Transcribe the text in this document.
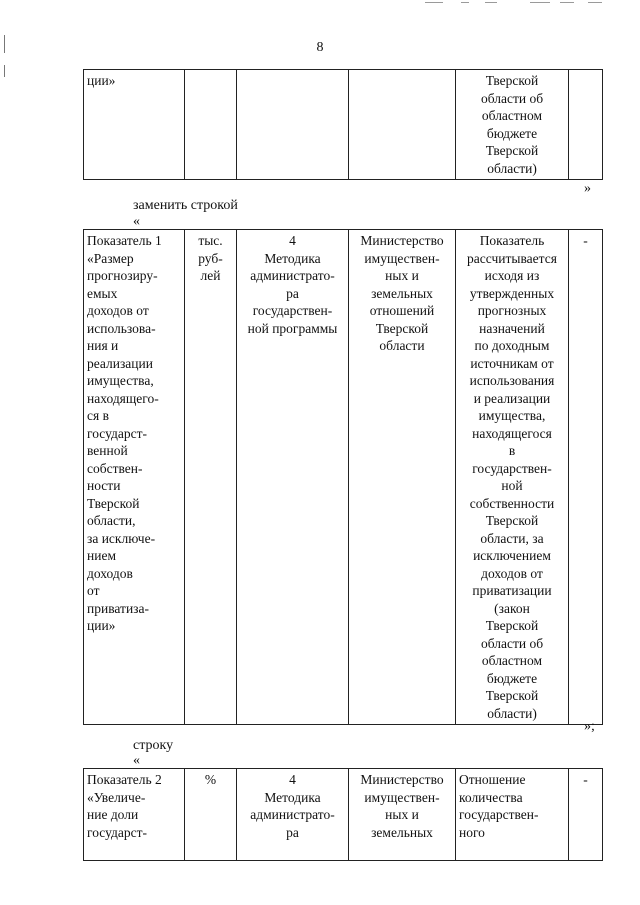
8
ции»				Тверской
области об
областном
бюджете
Тверской
области)	
»
заменить строкой
«
Показатель 1
«Размер
прогнозиру-
емых
доходов от
использова-
ния и
реализации
имущества,
находящего-
ся в
государст-
венной
собствен-
ности
Тверской
области,
за исключе-
нием
доходов
от
приватиза-
ции»	тыс.
руб-
лей	4
Методика
администрато-
ра
государствен-
ной программы	Министерство
имуществен-
ных и
земельных
отношений
Тверской
области	Показатель
рассчитывается
исходя из
утвержденных
прогнозных
назначений
по доходным
источникам от
использования
и реализации
имущества,
находящегося
в
государствен-
ной
собственности
Тверской
области, за
исключением
доходов от
приватизации
(закон
Тверской
области об
областном
бюджете
Тверской
области)	-
»;
строку
«
Показатель 2
«Увеличе-
ние доли
государст-	%	4
Методика
администрато-
ра	Министерство
имуществен-
ных и
земельных	Отношение
количества
государствен-
ного	-
